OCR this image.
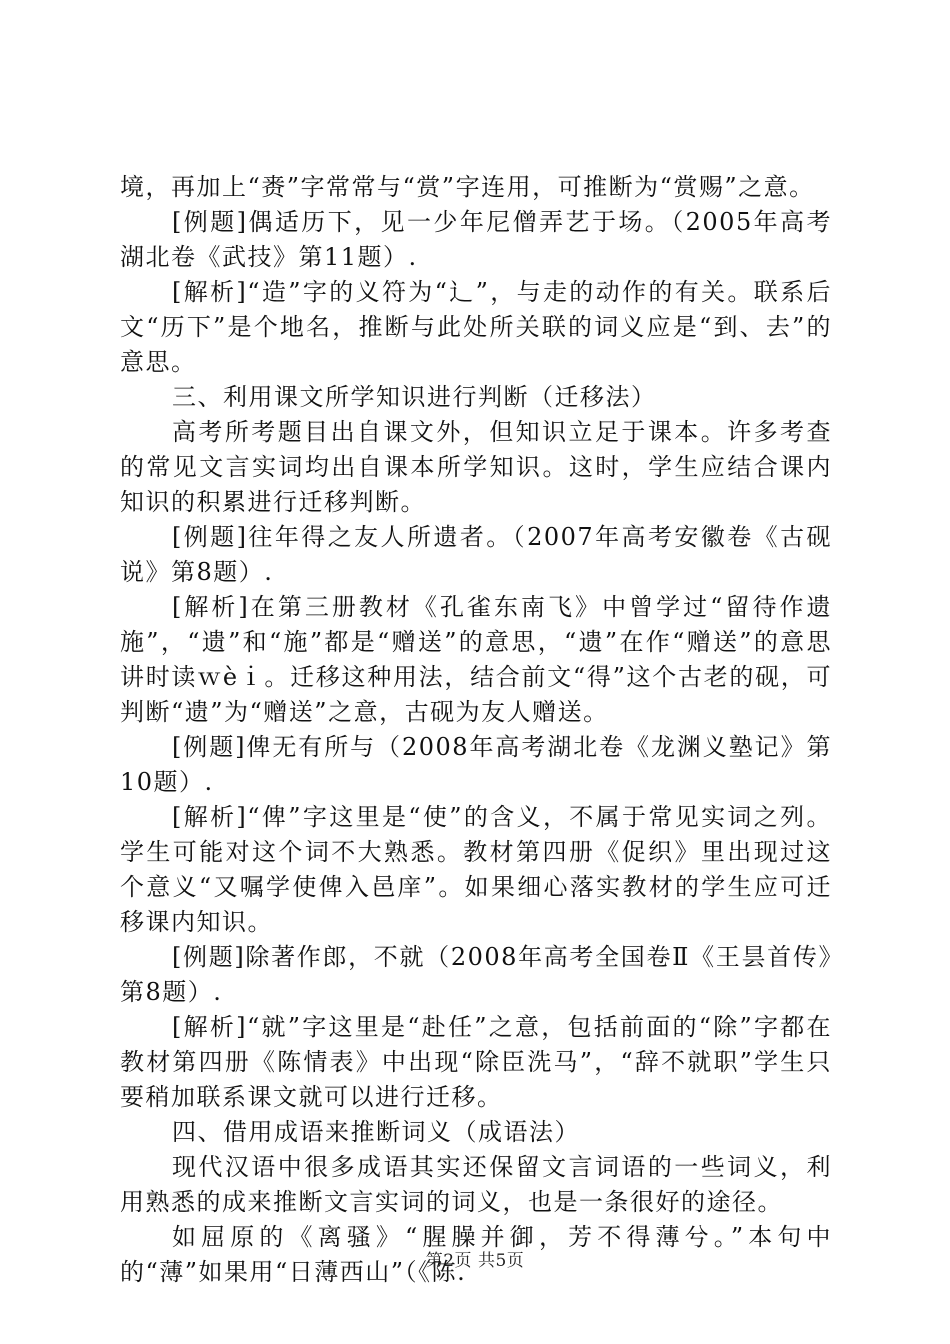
境，再加上“赉”字常常与“赏”字连用，可推断为“赏赐”之意。

[例题]偶适历下，见一少年尼僧弄艺于场。（2005年高考湖北卷《武技》第11题）.

[解析]“造”字的义符为“辶”，与走的动作的有关。联系后文“历下”是个地名，推断与此处所关联的词义应是“到、去”的意思。

三、利用课文所学知识进行判断（迁移法）

高考所考题目出自课文外，但知识立足于课本。许多考查的常见文言实词均出自课本所学知识。这时，学生应结合课内知识的积累进行迁移判断。

[例题]往年得之友人所遗者。（2007年高考安徽卷《古砚说》第8题）.

[解析]在第三册教材《孔雀东南飞》中曾学过“留待作遗施”，“遗”和“施”都是“赠送”的意思，“遗”在作“赠送”的意思讲时读ｗèｉ。迁移这种用法，结合前文“得”这个古老的砚，可判断“遗”为“赠送”之意，古砚为友人赠送。

[例题]俾无有所与（2008年高考湖北卷《龙渊义塾记》第10题）.

[解析]“俾”字这里是“使”的含义，不属于常见实词之列。学生可能对这个词不大熟悉。教材第四册《促织》里出现过这个意义“又嘱学使俾入邑庠”。如果细心落实教材的学生应可迁移课内知识。

[例题]除著作郎，不就（2008年高考全国卷Ⅱ《王昙首传》第8题）.

[解析]“就”字这里是“赴任”之意，包括前面的“除”字都在教材第四册《陈情表》中出现“除臣洗马”，“辞不就职”学生只要稍加联系课文就可以进行迁移。

四、借用成语来推断词义（成语法）

现代汉语中很多成语其实还保留文言词语的一些词义，利用熟悉的成来推断文言实词的词义，也是一条很好的途径。

如屈原的《离骚》“腥臊并御，芳不得薄兮。”本句中的“薄”如果用“日薄西山”（《陈.

第2页 共5页
